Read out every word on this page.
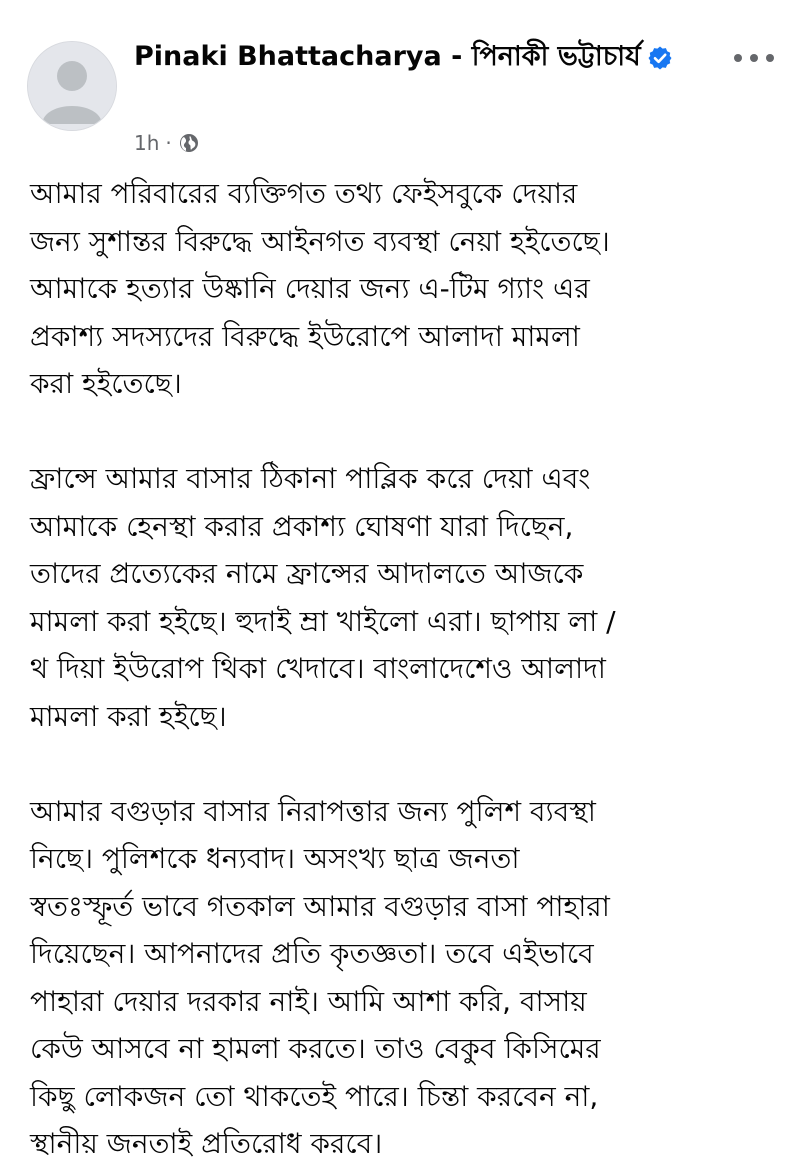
Pinaki Bhattacharya - পিনাকী ভট্টাচার্য
1h ·

আমার পরিবারের ব্যক্তিগত তথ্য ফেইসবুকে দেয়ার
জন্য সুশান্তর বিরুদ্ধে আইনগত ব্যবস্থা নেয়া হইতেছে।
আমাকে হত্যার উষ্কানি দেয়ার জন্য এ-টিম গ্যাং এর
প্রকাশ্য সদস্যদের বিরুদ্ধে ইউরোপে আলাদা মামলা
করা হইতেছে।

ফ্রান্সে আমার বাসার ঠিকানা পাব্লিক করে দেয়া এবং
আমাকে হেনস্থা করার প্রকাশ্য ঘোষণা যারা দিছেন,
তাদের প্রত্যেকের নামে ফ্রান্সের আদালতে আজকে
মামলা করা হইছে। হুদাই ম্রা খাইলো এরা। ছাপায় লা /
থ দিয়া ইউরোপ থিকা খেদাবে। বাংলাদেশেও আলাদা
মামলা করা হইছে।

আমার বগুড়ার বাসার নিরাপত্তার জন্য পুলিশ ব্যবস্থা
নিছে। পুলিশকে ধন্যবাদ। অসংখ্য ছাত্র জনতা
স্বতঃস্ফূর্ত ভাবে গতকাল আমার বগুড়ার বাসা পাহারা
দিয়েছেন। আপনাদের প্রতি কৃতজ্ঞতা। তবে এইভাবে
পাহারা দেয়ার দরকার নাই। আমি আশা করি, বাসায়
কেউ আসবে না হামলা করতে। তাও বেকুব কিসিমের
কিছু লোকজন তো থাকতেই পারে। চিন্তা করবেন না,
স্থানীয় জনতাই প্রতিরোধ করবে।
